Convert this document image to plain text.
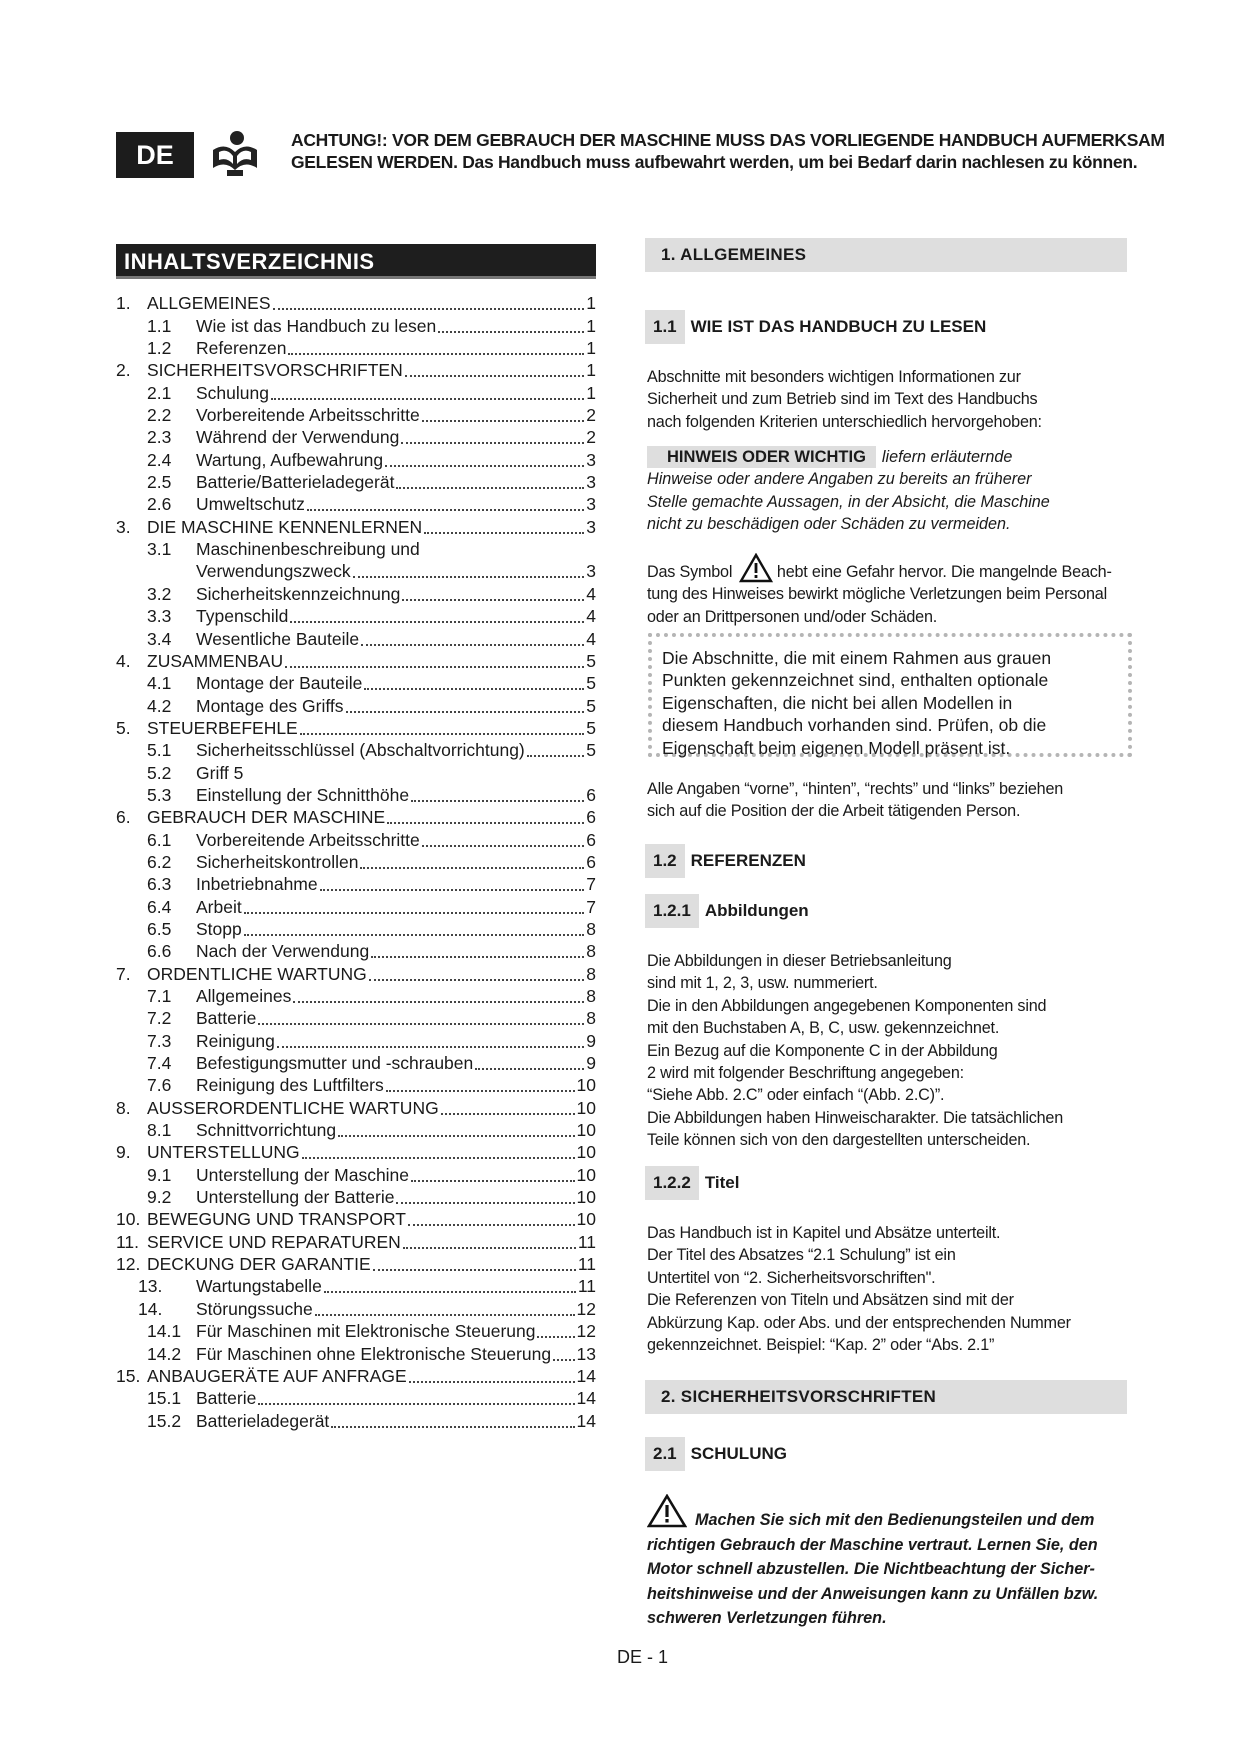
DE	ACHTUNG!: VOR DEM GEBRAUCH DER MASCHINE MUSS DAS VORLIEGENDE HANDBUCH AUFMERKSAM
GELESEN WERDEN. Das Handbuch muss aufbewahrt werden, um bei Bedarf darin nachlesen zu können.
INHALTSVERZEICHNIS
1. ALLGEMEINES	1
1.1	Wie ist das Handbuch zu lesen	1
1.2	Referenzen	1
2. SICHERHEITSVORSCHRIFTEN	1
2.1	Schulung	1
2.2	Vorbereitende Arbeitsschritte	2
2.3	Während der Verwendung	2
2.4	Wartung, Aufbewahrung	3
2.5	Batterie/Batterieladegerät	3
2.6	Umweltschutz	3
3. DIE MASCHINE KENNENLERNEN	3
3.1	Maschinenbeschreibung und
Verwendungszweck	3
3.2	Sicherheitskennzeichnung	4
3.3	Typenschild	4
3.4	Wesentliche Bauteile	4
4. ZUSAMMENBAU	5
4.1	Montage der Bauteile	5
4.2	Montage des Griffs	5
5. STEUERBEFEHLE	5
5.1	Sicherheitsschlüssel (Abschaltvorrichtung)	5
5.2	Griff 5
5.3	Einstellung der Schnitthöhe	6
6. GEBRAUCH DER MASCHINE	6
6.1	Vorbereitende Arbeitsschritte	6
6.2	Sicherheitskontrollen	6
6.3	Inbetriebnahme	7
6.4	Arbeit	7
6.5	Stopp	8
6.6	Nach der Verwendung	8
7. ORDENTLICHE WARTUNG	8
7.1	Allgemeines	8
7.2	Batterie	8
7.3	Reinigung	9
7.4	Befestigungsmutter und -schrauben	9
7.6	Reinigung des Luftfilters	10
8. AUSSERORDENTLICHE WARTUNG	10
8.1	Schnittvorrichtung	10
9. UNTERSTELLUNG	10
9.1	Unterstellung der Maschine	10
9.2	Unterstellung der Batterie	10
10. BEWEGUNG UND TRANSPORT	10
11. SERVICE UND REPARATUREN	11
12. DECKUNG DER GARANTIE	11
13.	Wartungstabelle	11
14.	Störungssuche	12
14.1 Für Maschinen mit Elektronische Steuerung 12
14.2 Für Maschinen ohne Elektronische Steuerung 13
15. ANBAUGERÄTE AUF ANFRAGE	14
15.1 Batterie	14
15.2 Batterieladegerät	14
1. ALLGEMEINES
1.1 WIE IST DAS HANDBUCH ZU LESEN
Abschnitte mit besonders wichtigen Informationen zur
Sicherheit und zum Betrieb sind im Text des Handbuchs
nach folgenden Kriterien unterschiedlich hervorgehoben:
HINWEIS ODER WICHTIG liefern erläuternde
Hinweise oder andere Angaben zu bereits an früherer
Stelle gemachte Aussagen, in der Absicht, die Maschine
nicht zu beschädigen oder Schäden zu vermeiden.
Das Symbol	hebt eine Gefahr hervor. Die mangelnde Beach-
tung des Hinweises bewirkt mögliche Verletzungen beim Personal
oder an Drittpersonen und/oder Schäden.
Die Abschnitte, die mit einem Rahmen aus grauen
Punkten gekennzeichnet sind, enthalten optionale
Eigenschaften, die nicht bei allen Modellen in
diesem Handbuch vorhanden sind. Prüfen, ob die
Eigenschaft beim eigenen Modell präsent ist.
Alle Angaben “vorne”, “hinten”, “rechts” und “links” beziehen
sich auf die Position der die Arbeit tätigenden Person.
1.2 REFERENZEN
1.2.1 Abbildungen
Die Abbildungen in dieser Betriebsanleitung
sind mit 1, 2, 3, usw. nummeriert.
Die in den Abbildungen angegebenen Komponenten sind
mit den Buchstaben A, B, C, usw. gekennzeichnet.
Ein Bezug auf die Komponente C in der Abbildung
2 wird mit folgender Beschriftung angegeben:
“Siehe Abb. 2.C” oder einfach “(Abb. 2.C)”.
Die Abbildungen haben Hinweischarakter. Die tatsächlichen
Teile können sich von den dargestellten unterscheiden.
1.2.2 Titel
Das Handbuch ist in Kapitel und Absätze unterteilt.
Der Titel des Absatzes “2.1 Schulung” ist ein
Untertitel von “2. Sicherheitsvorschriften".
Die Referenzen von Titeln und Absätzen sind mit der
Abkürzung Kap. oder Abs. und der entsprechenden Nummer
gekennzeichnet. Beispiel: “Kap. 2” oder “Abs. 2.1”
2. SICHERHEITSVORSCHRIFTEN
2.1 SCHULUNG
Machen Sie sich mit den Bedienungsteilen und dem
richtigen Gebrauch der Maschine vertraut. Lernen Sie, den
Motor schnell abzustellen. Die Nichtbeachtung der Sicher-
heitshinweise und der Anweisungen kann zu Unfällen bzw.
schweren Verletzungen führen.
DE - 1
